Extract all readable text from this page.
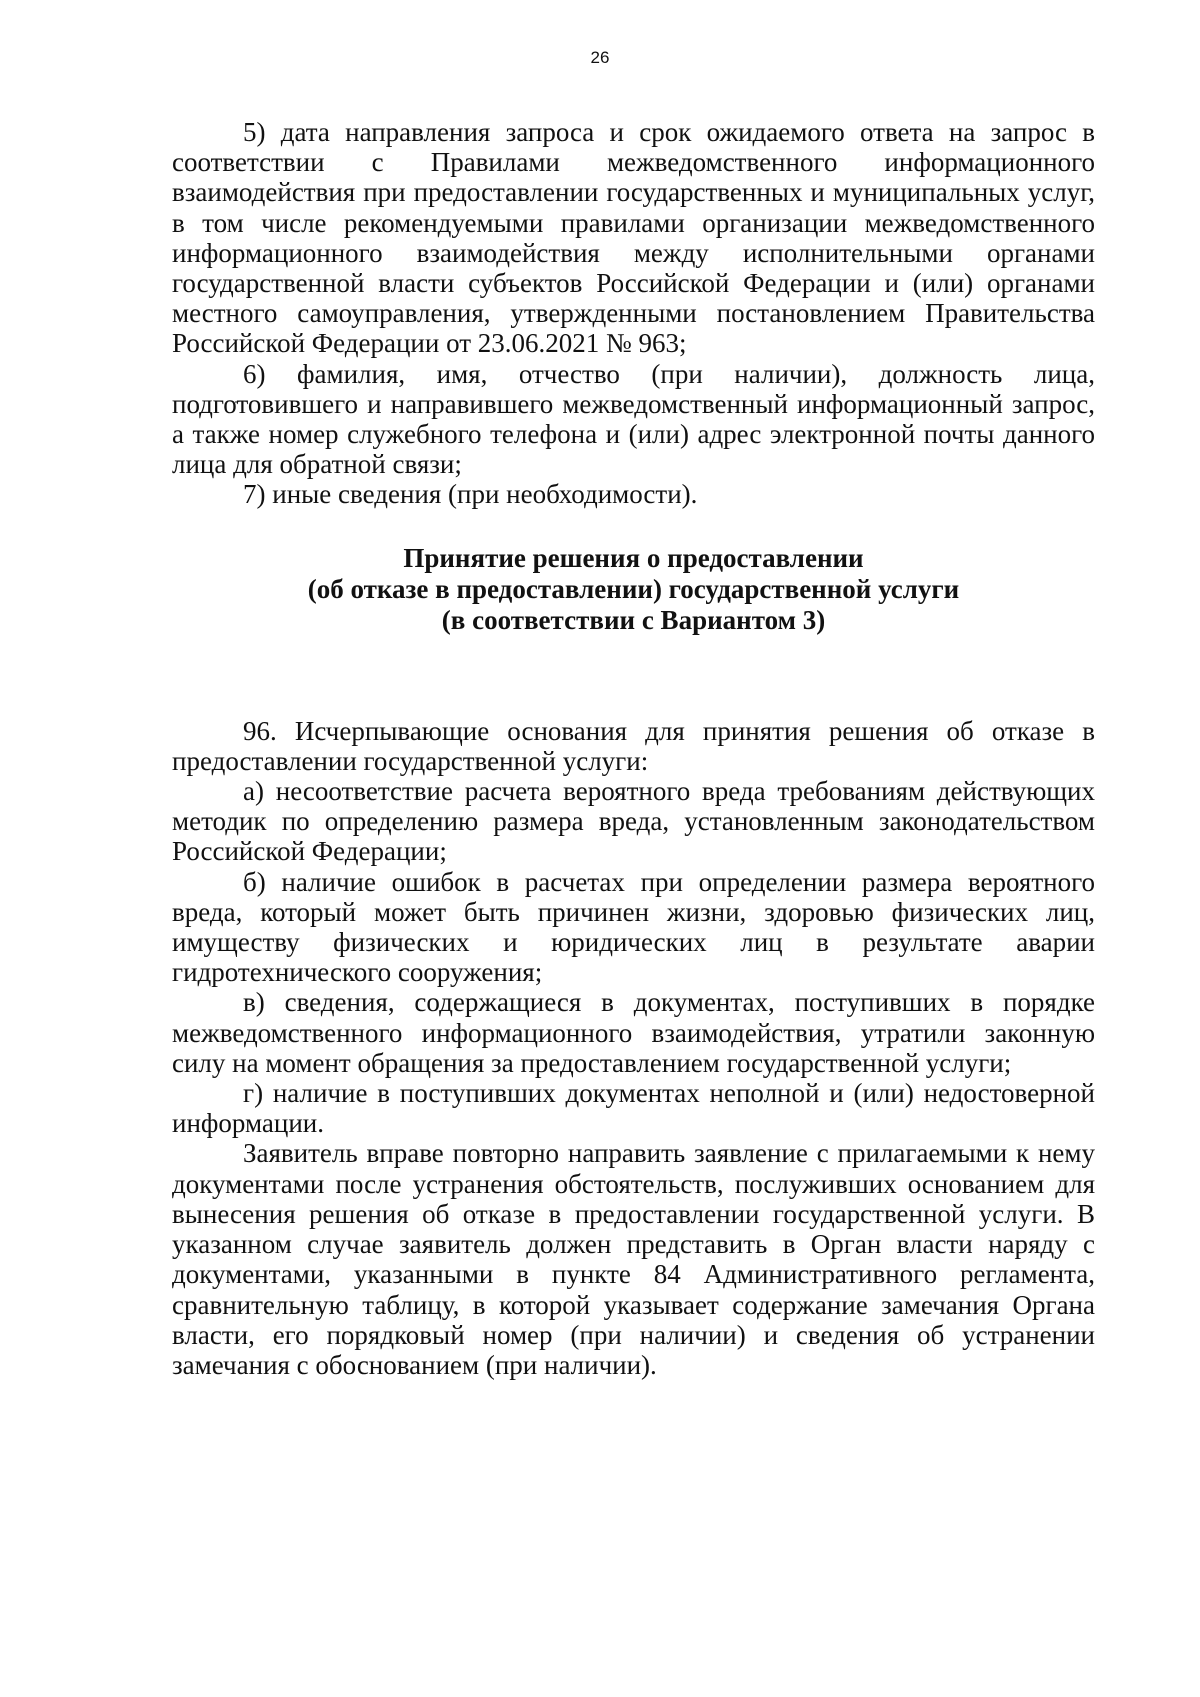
26

5) дата направления запроса и срок ожидаемого ответа на запрос в соответствии с Правилами межведомственного информационного взаимодействия при предоставлении государственных и муниципальных услуг, в том числе рекомендуемыми правилами организации межведомственного информационного взаимодействия между исполнительными органами государственной власти субъектов Российской Федерации и (или) органами местного самоуправления, утвержденными постановлением Правительства Российской Федерации от 23.06.2021 № 963;

6) фамилия, имя, отчество (при наличии), должность лица, подготовившего и направившего межведомственный информационный запрос, а также номер служебного телефона и (или) адрес электронной почты данного лица для обратной связи;

7) иные сведения (при необходимости).

Принятие решения о предоставлении
(об отказе в предоставлении) государственной услуги
(в соответствии с Вариантом 3)

96. Исчерпывающие основания для принятия решения об отказе в предоставлении государственной услуги:

а) несоответствие расчета вероятного вреда требованиям действующих методик по определению размера вреда, установленным законодательством Российской Федерации;

б) наличие ошибок в расчетах при определении размера вероятного вреда, который может быть причинен жизни, здоровью физических лиц, имуществу физических и юридических лиц в результате аварии гидротехнического сооружения;

в) сведения, содержащиеся в документах, поступивших в порядке межведомственного информационного взаимодействия, утратили законную силу на момент обращения за предоставлением государственной услуги;

г) наличие в поступивших документах неполной и (или) недостоверной информации.

Заявитель вправе повторно направить заявление с прилагаемыми к нему документами после устранения обстоятельств, послуживших основанием для вынесения решения об отказе в предоставлении государственной услуги. В указанном случае заявитель должен представить в Орган власти наряду с документами, указанными в пункте 84 Административного регламента, сравнительную таблицу, в которой указывает содержание замечания Органа власти, его порядковый номер (при наличии) и сведения об устранении замечания с обоснованием (при наличии).
